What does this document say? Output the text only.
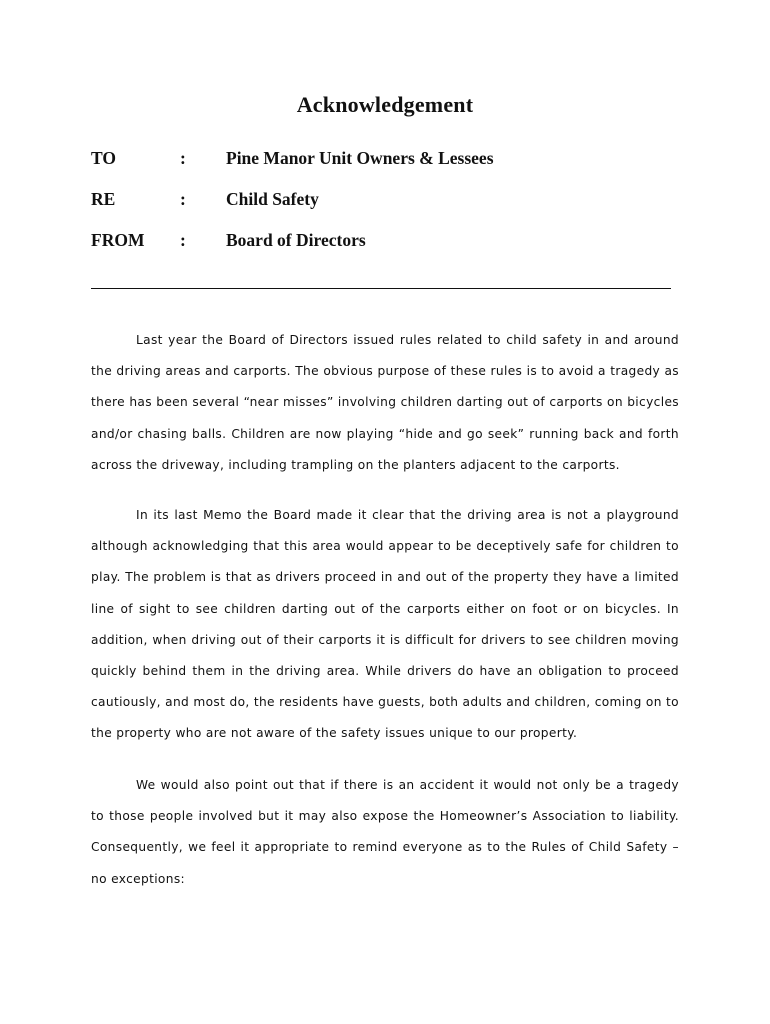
Acknowledgement
TO	: Pine Manor Unit Owners & Lessees
RE	: Child Safety
FROM : Board of Directors

Last year the Board of Directors issued rules related to child safety in and around the driving areas and carports. The obvious purpose of these rules is to avoid a tragedy as there has been several “near misses” involving children darting out of carports on bicycles and/or chasing balls. Children are now playing “hide and go seek” running back and forth across the driveway, including trampling on the planters adjacent to the carports.

In its last Memo the Board made it clear that the driving area is not a playground although acknowledging that this area would appear to be deceptively safe for children to play. The problem is that as drivers proceed in and out of the property they have a limited line of sight to see children darting out of the carports either on foot or on bicycles. In addition, when driving out of their carports it is difficult for drivers to see children moving quickly behind them in the driving area. While drivers do have an obligation to proceed cautiously, and most do, the residents have guests, both adults and children, coming on to the property who are not aware of the safety issues unique to our property.

We would also point out that if there is an accident it would not only be a tragedy to those people involved but it may also expose the Homeowner’s Association to liability. Consequently, we feel it appropriate to remind everyone as to the Rules of Child Safety – no exceptions:
